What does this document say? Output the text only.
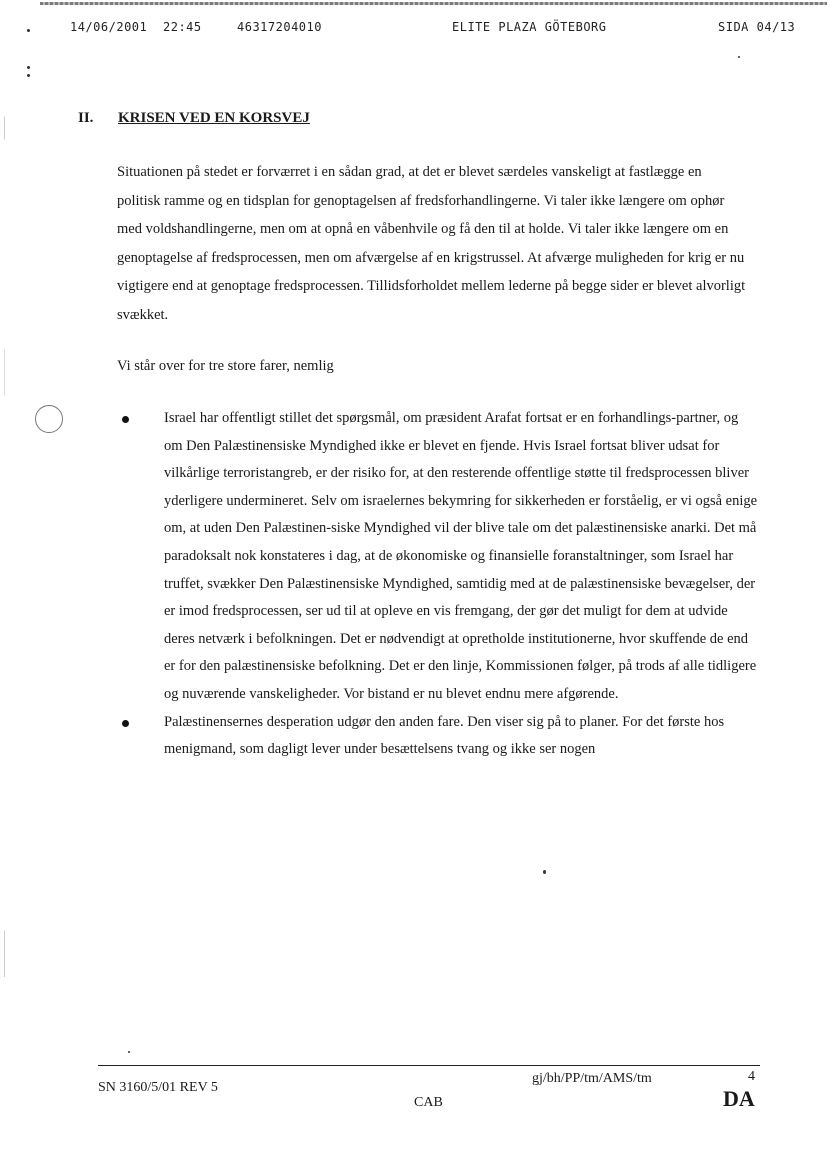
14/06/2001 22:45	46317204010	ELITE PLAZA GÖTEBORG	SIDA 04/13
II. KRISEN VED EN KORSVEJ

Situationen på stedet er forværret i en sådan grad, at det er blevet særdeles vanskeligt at fastlægge en politisk ramme og en tidsplan for genoptagelsen af fredsforhandlingerne. Vi taler ikke længere om ophør med voldshandlingerne, men om at opnå en våbenhvile og få den til at holde. Vi taler ikke længere om en genoptagelse af fredsprocessen, men om afværgelse af en krigstrussel. At afværge muligheden for krig er nu vigtigere end at genoptage fredsprocessen. Tillidsforholdet mellem lederne på begge sider er blevet alvorligt svækket.

Vi står over for tre store farer, nemlig

Israel har offentligt stillet det spørgsmål, om præsident Arafat fortsat er en forhandlings-partner, og om Den Palæstinensiske Myndighed ikke er blevet en fjende. Hvis Israel fortsat bliver udsat for vilkårlige terroristangreb, er der risiko for, at den resterende offentlige støtte til fredsprocessen bliver yderligere undermineret. Selv om israelernes bekymring for sikkerheden er forståelig, er vi også enige om, at uden Den Palæstinen-siske Myndighed vil der blive tale om det palæstinensiske anarki. Det må paradoksalt nok konstateres i dag, at de økonomiske og finansielle foranstaltninger, som Israel har truffet, svækker Den Palæstinensiske Myndighed, samtidig med at de palæstinensiske bevægelser, der er imod fredsprocessen, ser ud til at opleve en vis fremgang, der gør det muligt for dem at udvide deres netværk i befolkningen. Det er nødvendigt at opretholde institutionerne, hvor skuffende de end er for den palæstinensiske befolkning. Det er den linje, Kommissionen følger, på trods af alle tidligere og nuværende vanskeligheder. Vor bistand er nu blevet endnu mere afgørende.
Palæstinensernes desperation udgør den anden fare. Den viser sig på to planer. For det første hos menigmand, som dagligt lever under besættelsens tvang og ikke ser nogen
SN 3160/5/01 REV 5
gj/bh/PP/tm/AMS/tm
CAB
4
DA
